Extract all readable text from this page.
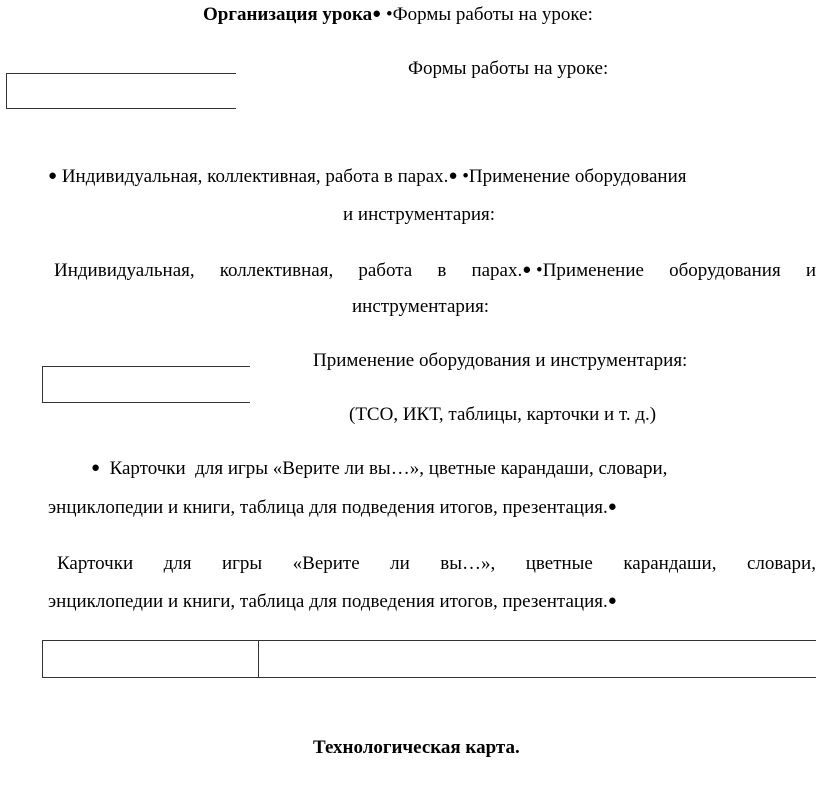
Организация урока● •Формы работы на уроке:
Формы работы на уроке:
● Индивидуальная, коллективная, работа в парах.● •Применение оборудования
и инструментария:
Индивидуальная, коллективная, работа в парах.● •Применение оборудования и
инструментария:
Применение оборудования и инструментария:
(ТСО, ИКТ, таблицы, карточки и т. д.)
● Карточки  для игры «Верите ли вы…», цветные карандаши, словари,
энциклопедии и книги, таблица для подведения итогов, презентация.●
Карточки для игры «Верите ли вы…», цветные карандаши, словари,
энциклопедии и книги, таблица для подведения итогов, презентация.●
Технологическая карта.
